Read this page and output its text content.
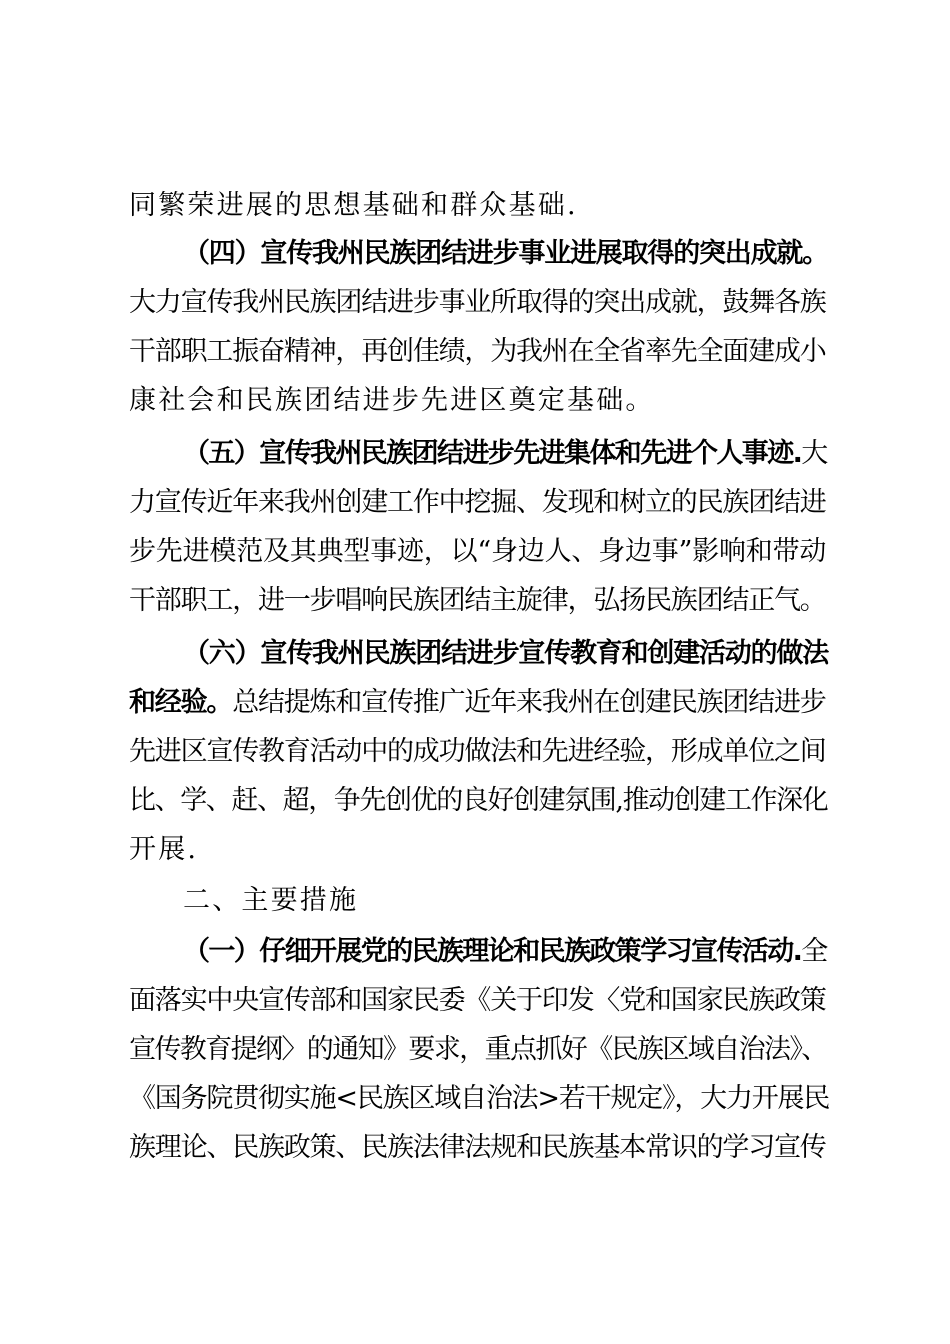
同繁荣进展的思想基础和群众基础.
（四）宣传我州民族团结进步事业进展取得的突出成就。
大力宣传我州民族团结进步事业所取得的突出成就，鼓舞各族
干部职工振奋精神，再创佳绩，为我州在全省率先全面建成小
康社会和民族团结进步先进区奠定基础。
（五）宣传我州民族团结进步先进集体和先进个人事迹.大
力宣传近年来我州创建工作中挖掘、发现和树立的民族团结进
步先进模范及其典型事迹，以“身边人、身边事”影响和带动
干部职工，进一步唱响民族团结主旋律，弘扬民族团结正气。
（六）宣传我州民族团结进步宣传教育和创建活动的做法
和经验。总结提炼和宣传推广近年来我州在创建民族团结进步
先进区宣传教育活动中的成功做法和先进经验，形成单位之间
比、学、赶、超，争先创优的良好创建氛围,推动创建工作深化
开展.
二、主要措施
（一）仔细开展党的民族理论和民族政策学习宣传活动.全
面落实中央宣传部和国家民委《关于印发〈党和国家民族政策
宣传教育提纲〉的通知》要求，重点抓好《民族区域自治法》、
《国务院贯彻实施<民族区域自治法>若干规定》，大力开展民
族理论、民族政策、民族法律法规和民族基本常识的学习宣传
